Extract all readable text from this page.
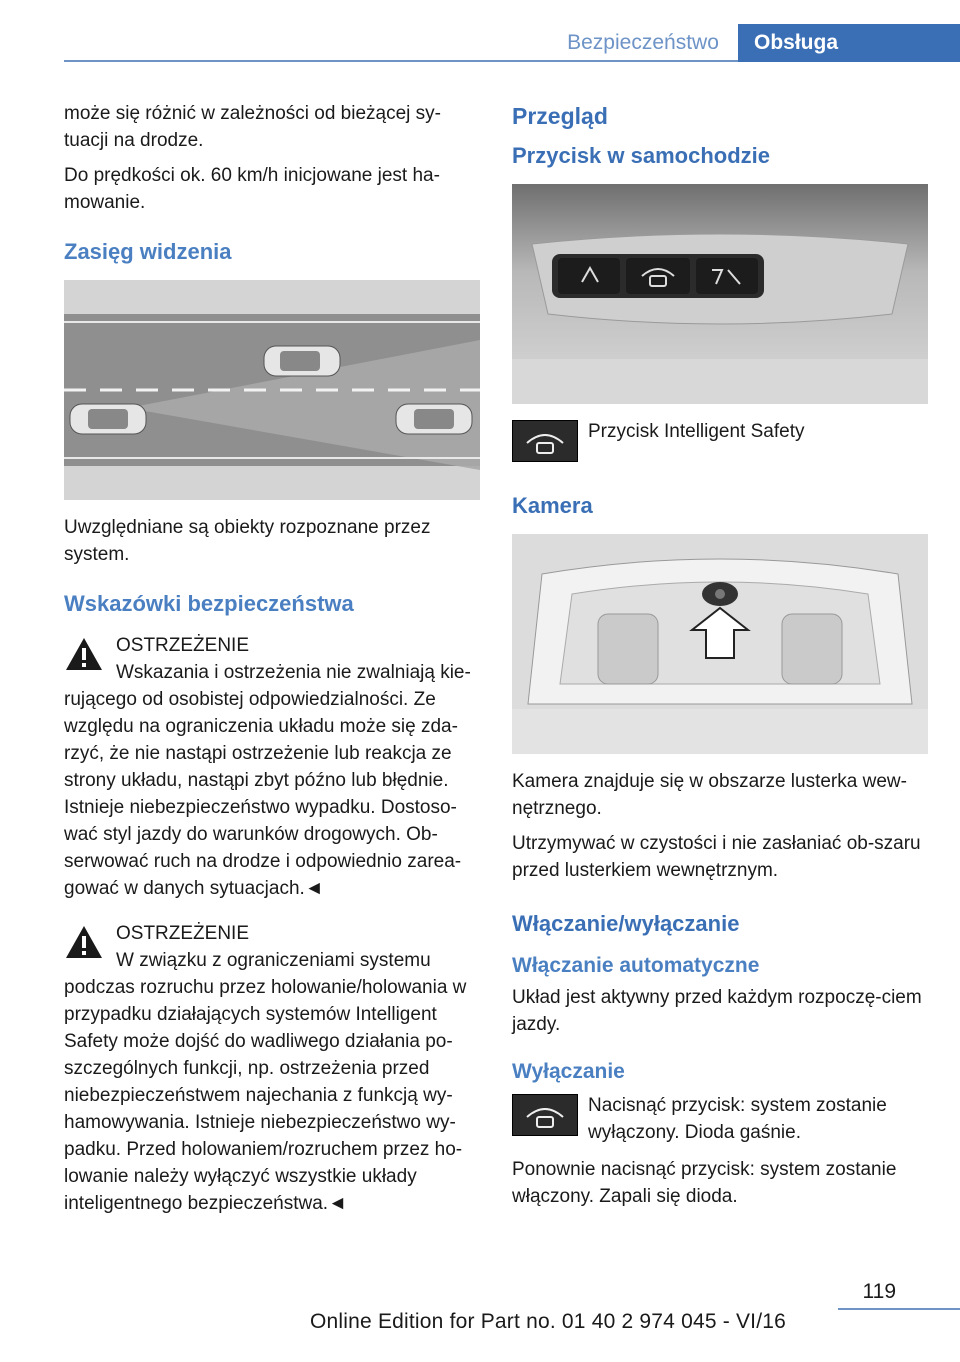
Bezpieczeństwo	Obsługa

może się różnić w zależności od bieżącej sy-tuacji na drodze.

Do prędkości ok. 60 km/h inicjowane jest ha-mowanie.

Zasięg widzenia

Uwzględniane są obiekty rozpoznane przez system.

Wskazówki bezpieczeństwa
OSTRZEŻENIE
Wskazania i ostrzeżenia nie zwalniają kie-
rującego od osobistej odpowiedzialności. Ze względu na ograniczenia układu może się zda-rzyć, że nie nastąpi ostrzeżenie lub reakcja ze strony układu, nastąpi zbyt późno lub błędnie. Istnieje niebezpieczeństwo wypadku. Dostoso-wać styl jazdy do warunków drogowych. Ob-serwować ruch na drodze i odpowiednio zarea-gować w danych sytuacjach.◄
OSTRZEŻENIE
W związku z ograniczeniami systemu
podczas rozruchu przez holowanie/holowania w przypadku działających systemów Intelligent Safety może dojść do wadliwego działania po-szczególnych funkcji, np. ostrzeżenia przed niebezpieczeństwem najechania z funkcją wy-hamowywania. Istnieje niebezpieczeństwo wy-padku. Przed holowaniem/rozruchem przez ho-lowanie należy wyłączyć wszystkie układy inteligentnego bezpieczeństwa.◄
Przegląd
Przycisk w samochodzie
Przycisk Intelligent Safety
Kamera

Kamera znajduje się w obszarze lusterka wew-nętrznego.

Utrzymywać w czystości i nie zasłaniać ob-szaru przed lusterkiem wewnętrznym.

Włączanie/wyłączanie
Włączanie automatyczne

Układ jest aktywny przed każdym rozpoczę-ciem jazdy.

Wyłączanie
Nacisnąć przycisk: system zostanie wyłączony. Dioda gaśnie.

Ponownie nacisnąć przycisk: system zostanie włączony. Zapali się dioda.

119
Online Edition for Part no. 01 40 2 974 045 - VI/16
